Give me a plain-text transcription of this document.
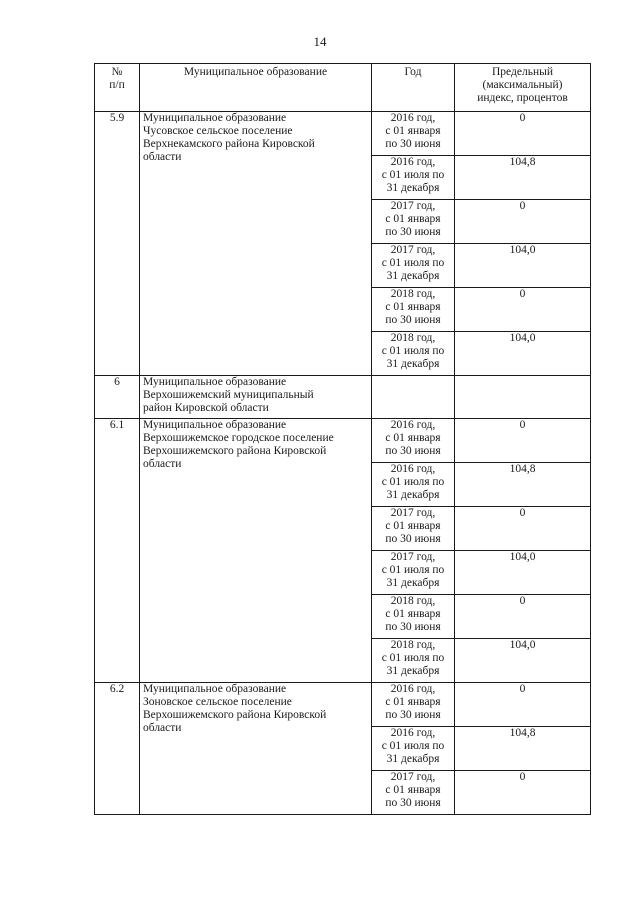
14
№
п/п	Муниципальное образование	Год	Предельный
(максимальный)
индекс, процентов

5.9	Муниципальное образование
Чусовское сельское поселение
Верхнекамского района Кировской
области	2016 год,
с 01 января
по 30 июня	0

		2016 год,
с 01 июля по
31 декабря	104,8

		2017 год,
с 01 января
по 30 июня	0

		2017 год,
с 01 июля по
31 декабря	104,0

		2018 год,
с 01 января
по 30 июня	0

		2018 год,
с 01 июля по
31 декабря	104,0
6	Муниципальное образование
Верхошижемский муниципальный
район Кировской области		

6.1	Муниципальное образование
Верхошижемское городское поселение
Верхошижемского района Кировской
области	2016 год,
с 01 января
по 30 июня	0

		2016 год,
с 01 июля по
31 декабря	104,8

		2017 год,
с 01 января
по 30 июня	0

		2017 год,
с 01 июля по
31 декабря	104,0

		2018 год,
с 01 января
по 30 июня	0

		2018 год,
с 01 июля по
31 декабря	104,0
6.2	Муниципальное образование
Зоновское сельское поселение
Верхошижемского района Кировской
области	2016 год,
с 01 января
по 30 июня	0

		2016 год,
с 01 июля по
31 декабря	104,8

		2017 год,
с 01 января
по 30 июня	0
